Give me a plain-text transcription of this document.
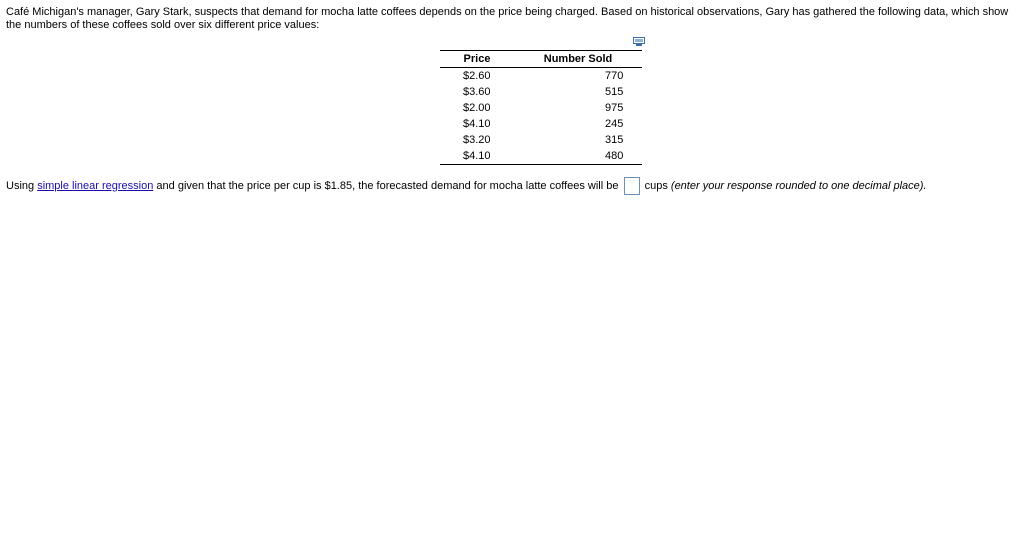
Café Michigan's manager, Gary Stark, suspects that demand for mocha latte coffees depends on the price being charged. Based on historical observations, Gary has gathered the following data, which show the numbers of these coffees sold over six different price values:

Price	Number Sold
$2.60	770
$3.60	515
$2.00	975
$4.10	245
$3.20	315
$4.10	480
Using simple linear regression and given that the price per cup is $1.85, the forecasted demand for mocha latte coffees will be  cups (enter your response rounded to one decimal place).
